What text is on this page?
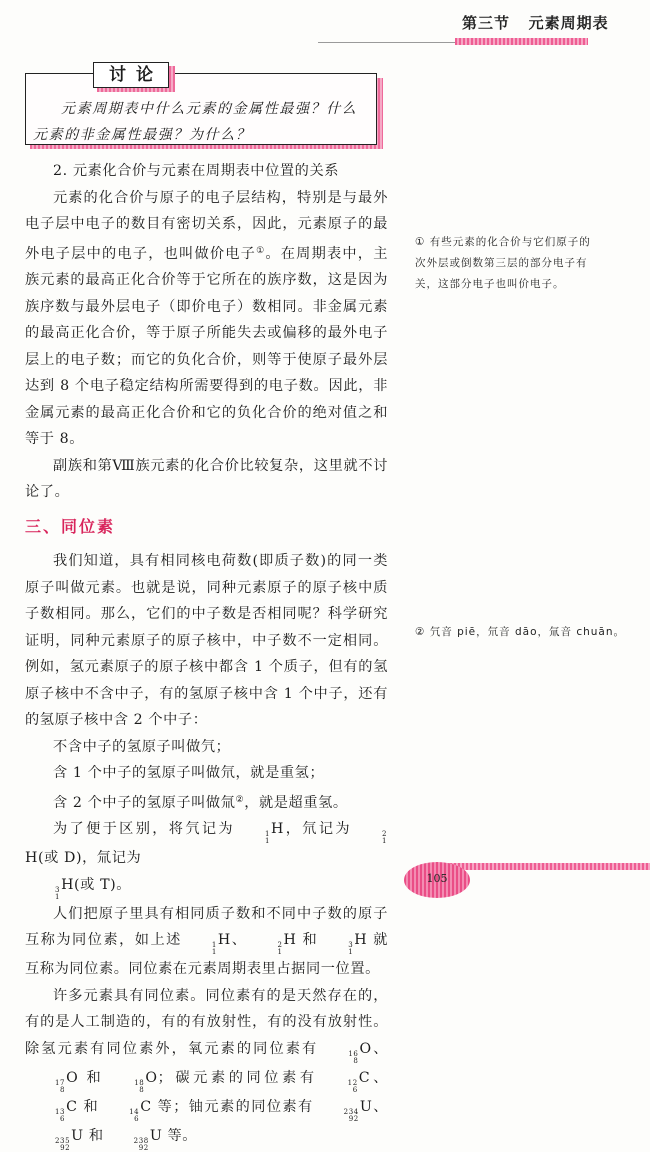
第三节   元素周期表
讨论
元素周期表中什么元素的金属性最强？什么元素的非金属性最强？为什么？

2. 元素化合价与元素在周期表中位置的关系

元素的化合价与原子的电子层结构，特别是与最外电子层中电子的数目有密切关系，因此，元素原子的最外电子层中的电子，也叫做价电子①。在周期表中，主族元素的最高正化合价等于它所在的族序数，这是因为族序数与最外层电子（即价电子）数相同。非金属元素的最高正化合价，等于原子所能失去或偏移的最外电子层上的电子数；而它的负化合价，则等于使原子最外层达到 8 个电子稳定结构所需要得到的电子数。因此，非金属元素的最高正化合价和它的负化合价的绝对值之和等于 8。

副族和第Ⅷ族元素的化合价比较复杂，这里就不讨论了。

三、同位素

我们知道，具有相同核电荷数(即质子数)的同一类原子叫做元素。也就是说，同种元素原子的原子核中质子数相同。那么，它们的中子数是否相同呢？科学研究证明，同种元素原子的原子核中，中子数不一定相同。例如，氢元素原子的原子核中都含 1 个质子，但有的氢原子核中不含中子，有的氢原子核中含 1 个中子，还有的氢原子核中含 2 个中子：

不含中子的氢原子叫做氕；

含 1 个中子的氢原子叫做氘，就是重氢；

含 2 个中子的氢原子叫做氚②，就是超重氢。

为了便于区别，将氕记为	1
1
H，氘记为	2
1
H(或 D)，氚记为

3
1
H(或 T)。

人们把原子里具有相同质子数和不同中子数的原子互称为同位素，如上述	1
1
H、	2
1
H 和	3
1
H 就互称为同位素。同位素在元素周期表里占据同一位置。

许多元素具有同位素。同位素有的是天然存在的，有的是人工制造的，有的有放射性，有的没有放射性。除氢元素有同位素外，氧元素的同位素有	16
8
O、
17
8
O 和	18
8
O；碳元素的同位素有	12
6
C、
13
6
C 和	14
6
C 等；铀元素的同位素有	234
92
U、
235
92
U 和	238
92
U 等。

① 有些元素的化合价与它们原子的次外层或倒数第三层的部分电子有关，这部分电子也叫价电子。
② 氕音 piē，氘音 dāo，氚音 chuān。
105
